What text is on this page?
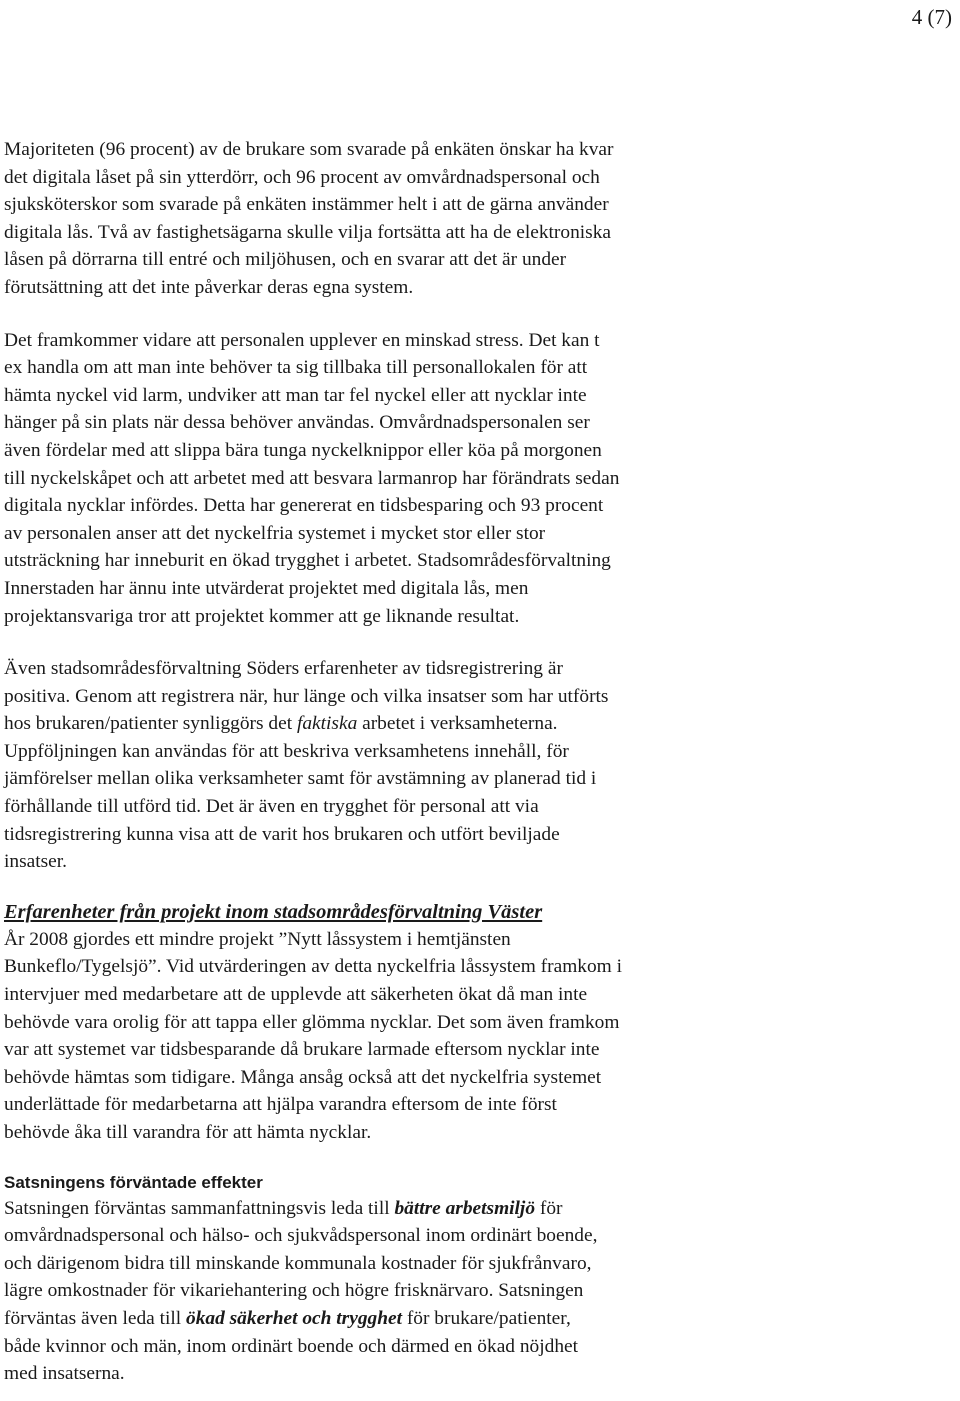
4 (7)

Majoriteten (96 procent) av de brukare som svarade på enkäten önskar ha kvar

det digitala låset på sin ytterdörr, och 96 procent av omvårdnadspersonal och

sjuksköterskor som svarade på enkäten instämmer helt i att de gärna använder

digitala lås. Två av fastighetsägarna skulle vilja fortsätta att ha de elektroniska

låsen på dörrarna till entré och miljöhusen, och en svarar att det är under

förutsättning att det inte påverkar deras egna system.

Det framkommer vidare att personalen upplever en minskad stress. Det kan t

ex handla om att man inte behöver ta sig tillbaka till personallokalen för att

hämta nyckel vid larm, undviker att man tar fel nyckel eller att nycklar inte

hänger på sin plats när dessa behöver användas. Omvårdnadspersonalen ser

även fördelar med att slippa bära tunga nyckelknippor eller köa på morgonen

till nyckelskåpet och att arbetet med att besvara larmanrop har förändrats sedan

digitala nycklar infördes. Detta har genererat en tidsbesparing och 93 procent

av personalen anser att det nyckelfria systemet i mycket stor eller stor

utsträckning har inneburit en ökad trygghet i arbetet. Stadsområdesförvaltning

Innerstaden har ännu inte utvärderat projektet med digitala lås, men

projektansvariga tror att projektet kommer att ge liknande resultat.

Även stadsområdesförvaltning Söders erfarenheter av tidsregistrering är

positiva. Genom att registrera när, hur länge och vilka insatser som har utförts

hos brukaren/patienter synliggörs det faktiska arbetet i verksamheterna.

Uppföljningen kan användas för att beskriva verksamhetens innehåll, för

jämförelser mellan olika verksamheter samt för avstämning av planerad tid i

förhållande till utförd tid. Det är även en trygghet för personal att via

tidsregistrering kunna visa att de varit hos brukaren och utfört beviljade

insatser.

Erfarenheter från projekt inom stadsområdesförvaltning Väster

År 2008 gjordes ett mindre projekt ”Nytt låssystem i hemtjänsten

Bunkeflo/Tygelsjö”. Vid utvärderingen av detta nyckelfria låssystem framkom i

intervjuer med medarbetare att de upplevde att säkerheten ökat då man inte

behövde vara orolig för att tappa eller glömma nycklar. Det som även framkom

var att systemet var tidsbesparande då brukare larmade eftersom nycklar inte

behövde hämtas som tidigare. Många ansåg också att det nyckelfria systemet

underlättade för medarbetarna att hjälpa varandra eftersom de inte först

behövde åka till varandra för att hämta nycklar.

Satsningens förväntade effekter

Satsningen förväntas sammanfattningsvis leda till bättre arbetsmiljö för

omvårdnadspersonal och hälso- och sjukvådspersonal inom ordinärt boende,

och därigenom bidra till minskande kommunala kostnader för sjukfrånvaro,

lägre omkostnader för vikariehantering och högre frisknärvaro. Satsningen

förväntas även leda till ökad säkerhet och trygghet för brukare/patienter,

både kvinnor och män, inom ordinärt boende och därmed en ökad nöjdhet

med insatserna.
